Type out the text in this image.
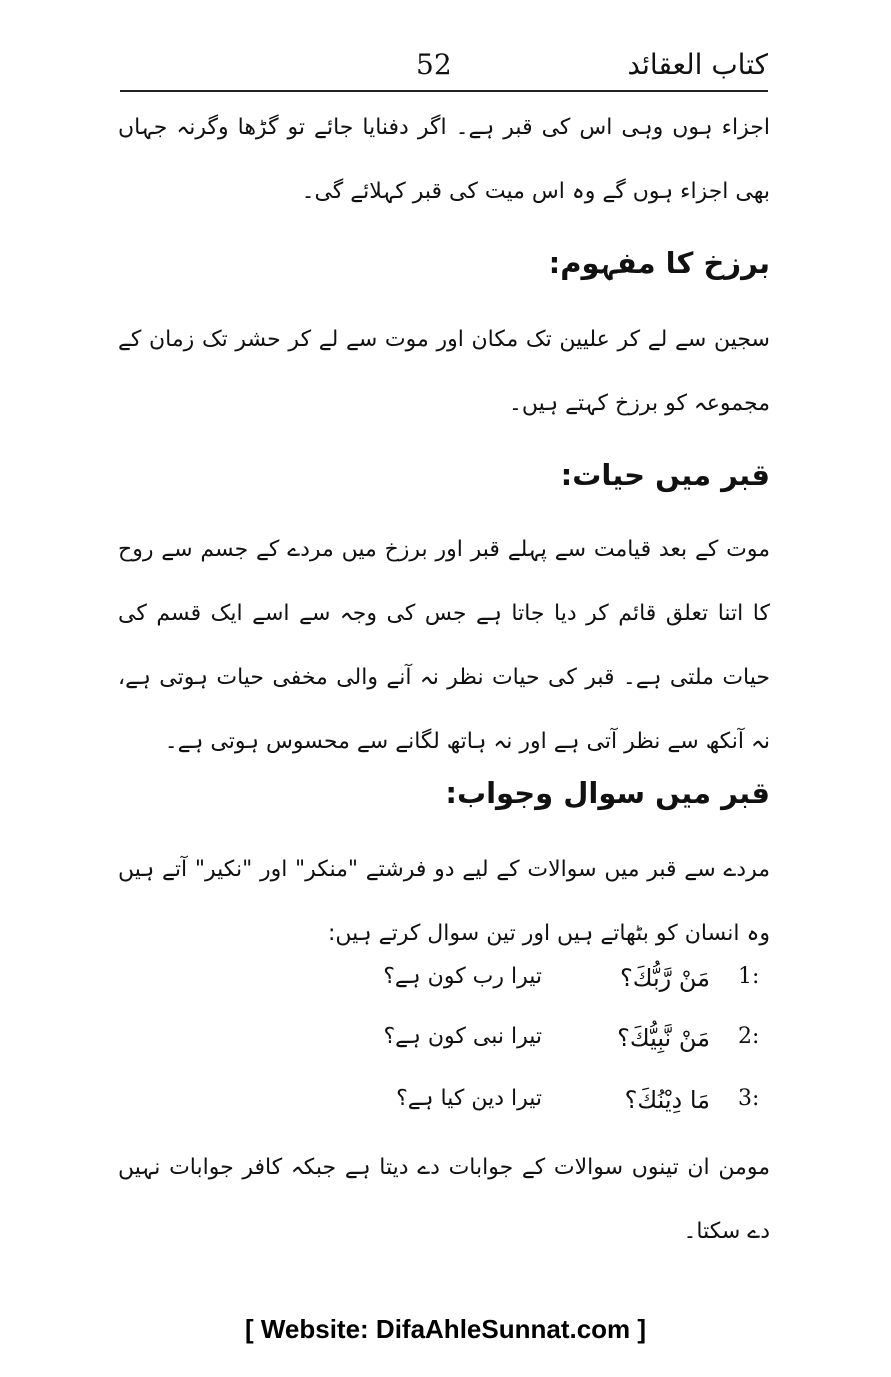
کتاب العقائد
52
اجزاء ہوں وہی اس کی قبر ہے۔ اگر دفنایا جائے تو گڑھا وگرنہ جہاں بھی اجزاء ہوں گے وہ اس میت کی قبر کہلائے گی۔
برزخ کا مفہوم:
سجین سے لے کر علیین تک مکان اور موت سے لے کر حشر تک زمان کے مجموعہ کو برزخ کہتے ہیں۔
قبر میں حیات:
موت کے بعد قیامت سے پہلے قبر اور برزخ میں مردے کے جسم سے روح کا اتنا تعلق قائم کر دیا جاتا ہے جس کی وجہ سے اسے ایک قسم کی حیات ملتی ہے۔ قبر کی حیات نظر نہ آنے والی مخفی حیات ہوتی ہے، نہ آنکھ سے نظر آتی ہے اور نہ ہاتھ لگانے سے محسوس ہوتی ہے۔
قبر میں سوال وجواب:
مردے سے قبر میں سوالات کے لیے دو فرشتے "منکر" اور "نکیر" آتے ہیں وہ انسان کو بٹھاتے ہیں اور تین سوال کرتے ہیں:
1:
مَنْ رَّبُّكَ؟
تیرا رب کون ہے؟
2:
مَنْ نَّبِيُّكَ؟
تیرا نبی کون ہے؟
3:
مَا دِيْنُكَ؟
تیرا دین کیا ہے؟
مومن ان تینوں سوالات کے جوابات دے دیتا ہے جبکہ کافر جوابات نہیں دے سکتا۔
[ Website: DifaAhleSunnat.com ]
